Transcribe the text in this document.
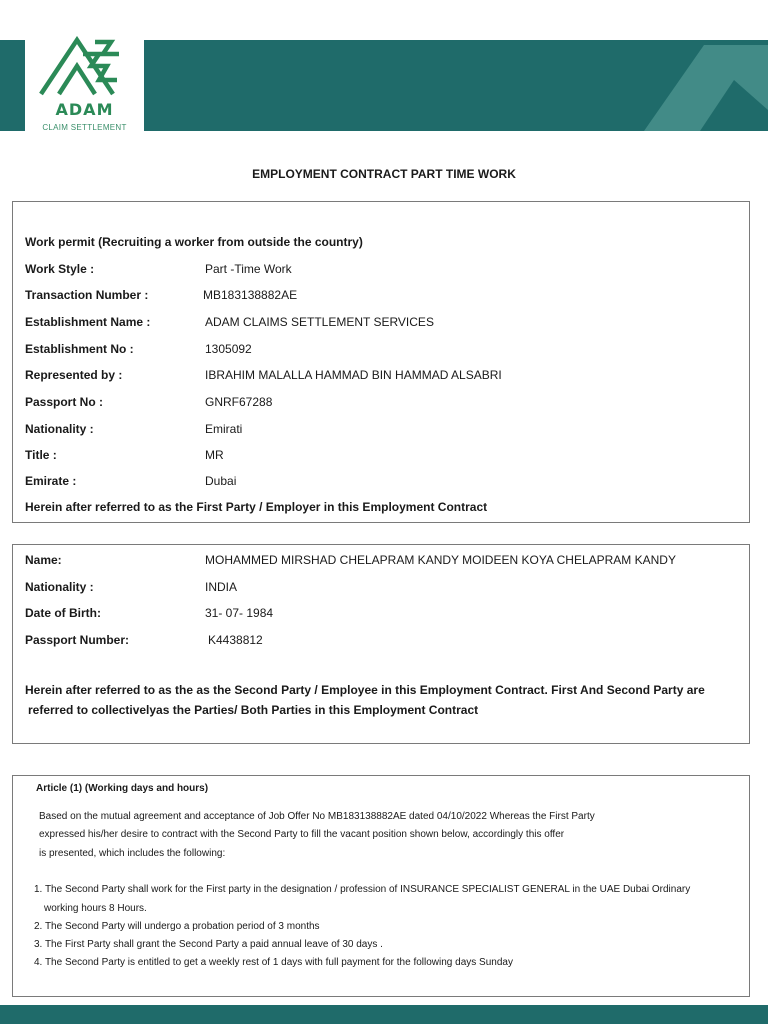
ADAM
CLAIM SETTLEMENT
EMPLOYMENT CONTRACT PART TIME WORK
Work permit (Recruiting a worker from outside the country)
Work Style :	Part -Time Work
Transaction Number :	MB183138882AE
Establishment Name :	ADAM CLAIMS SETTLEMENT SERVICES
Establishment No :	1305092
Represented by :	IBRAHIM MALALLA HAMMAD BIN HAMMAD ALSABRI
Passport No :	GNRF67288
Nationality :	Emirati
Title :	MR
Emirate :	Dubai
Herein after referred to as the First Party / Employer in this Employment Contract
Name:	MOHAMMED MIRSHAD CHELAPRAM KANDY MOIDEEN KOYA CHELAPRAM KANDY
Nationality :	INDIA
Date of Birth:	31- 07- 1984
Passport Number:	K4438812
Herein after referred to as the as the Second Party / Employee in this Employment Contract. First And Second Party are
referred to collectivelyas the Parties/ Both Parties in this Employment Contract
Article (1) (Working days and hours)
Based on the mutual agreement and acceptance of Job Offer No MB183138882AE dated 04/10/2022 Whereas the First Party
expressed his/her desire to contract with the Second Party to fill the vacant position shown below, accordingly this offer
is presented, which includes the following:
1. The Second Party shall work for the First party in the designation / profession of INSURANCE SPECIALIST GENERAL in the UAE Dubai Ordinary
working hours 8 Hours.
2. The Second Party will undergo a probation period of 3 months
3. The First Party shall grant the Second Party a paid annual leave of 30 days .
4. The Second Party is entitled to get a weekly rest of 1 days with full payment for the following days Sunday
